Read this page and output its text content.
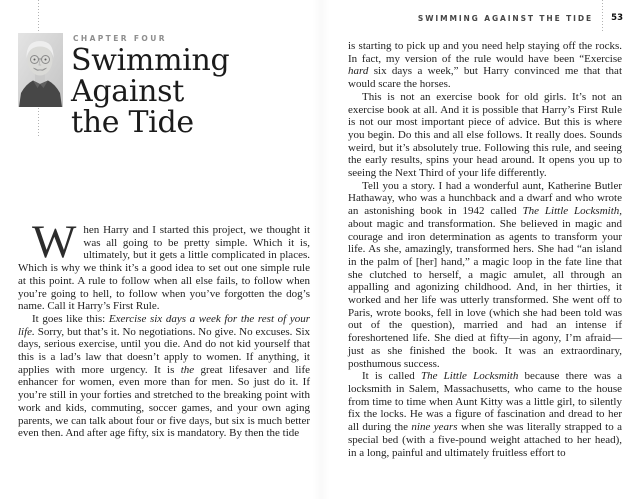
CHAPTER FOUR
Swimming
Against
the Tide

When Harry and I started this project, we thought it was all going to be pretty simple. Which it is, ultimately, but it gets a little complicated in places. Which is why we think it’s a good idea to set out one simple rule at this point. A rule to follow when all else fails, to follow when you’re going to hell, to follow when you’ve forgotten the dog’s name. Call it Harry’s First Rule.

It goes like this: Exercise six days a week for the rest of your life. Sorry, but that’s it. No negotiations. No give. No excuses. Six days, serious exercise, until you die. And do not kid yourself that this is a lad’s law that doesn’t apply to women. If anything, it applies with more urgency. It is the great lifesaver and life enhancer for women, even more than for men. So just do it. If you’re still in your forties and stretched to the breaking point with work and kids, commuting, soccer games, and your own aging parents, we can talk about four or five days, but six is much better even then. And after age fifty, six is mandatory. By then the tide

SWIMMING AGAINST THE TIDE	53

is starting to pick up and you need help staying off the rocks. In fact, my version of the rule would have been “Exercise hard six days a week,” but Harry convinced me that that would scare the horses.

This is not an exercise book for old girls. It’s not an exercise book at all. And it is possible that Harry’s First Rule is not our most important piece of advice. But this is where you begin. Do this and all else follows. It really does. Sounds weird, but it’s absolutely true. Following this rule, and seeing the early results, spins your head around. It opens you up to seeing the Next Third of your life differently.

Tell you a story. I had a wonderful aunt, Katherine Butler Hathaway, who was a hunchback and a dwarf and who wrote an astonishing book in 1942 called The Little Locksmith, about magic and transformation. She believed in magic and courage and iron determination as agents to transform your life. As she, amazingly, transformed hers. She had “an island in the palm of [her] hand,” a magic loop in the fate line that she clutched to herself, a magic amulet, all through an appalling and agonizing childhood. And, in her thirties, it worked and her life was utterly transformed. She went off to Paris, wrote books, fell in love (which she had been told was out of the question), married and had an intense if foreshortened life. She died at fifty—in agony, I’m afraid—just as she finished the book. It was an extraordinary, posthumous success.

It is called The Little Locksmith because there was a locksmith in Salem, Massachusetts, who came to the house from time to time when Aunt Kitty was a little girl, to silently fix the locks. He was a figure of fascination and dread to her all during the nine years when she was literally strapped to a special bed (with a five-pound weight attached to her head), in a long, painful and ultimately fruitless effort to
